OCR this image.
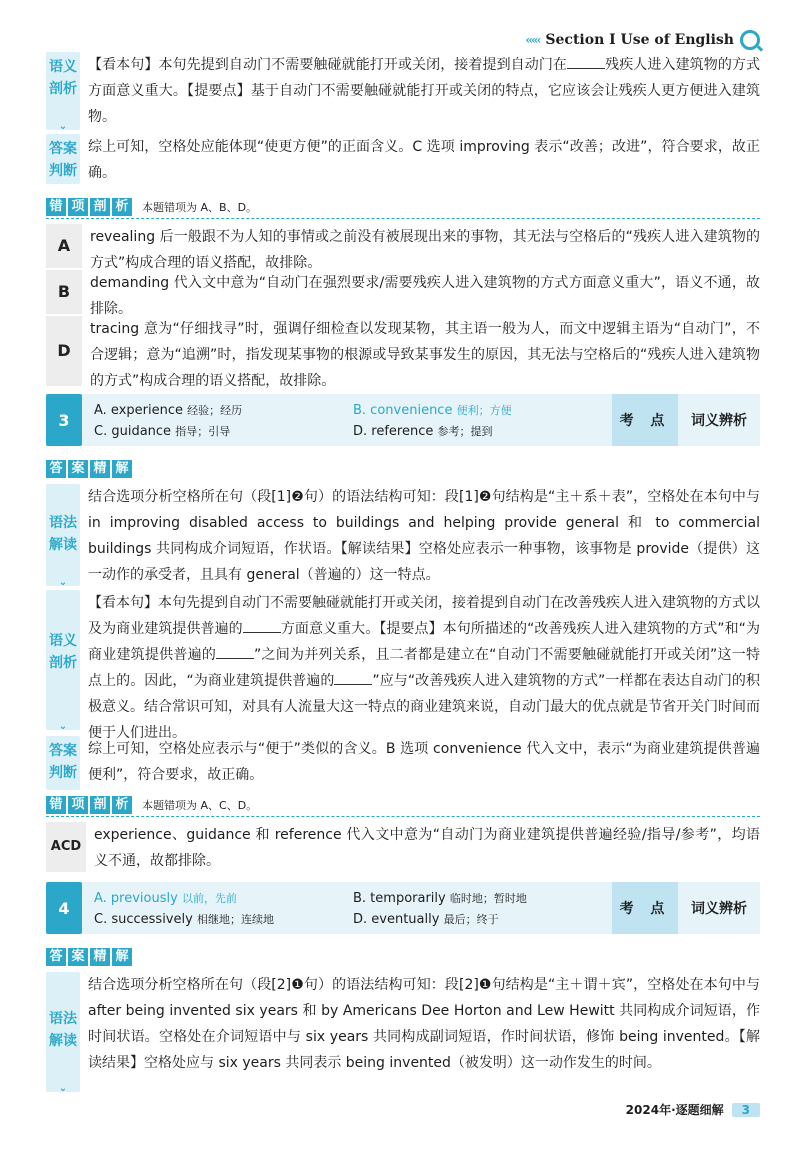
‹‹‹‹‹ Section I Use of English
语义剖析
⌄
【看本句】本句先提到自动门不需要触碰就能打开或关闭，接着提到自动门在	残疾人进入建筑物的方式方面意义重大。【提要点】基于自动门不需要触碰就能打开或关闭的特点，它应该会让残疾人更方便进入建筑物。
答案判断
综上可知，空格处应能体现“使更方便”的正面含义。C 选项 improving 表示“改善；改进”，符合要求，故正确。
错 项 剖 析	本题错项为 A、B、D。
A	revealing 后一般跟不为人知的事情或之前没有被展现出来的事物，其无法与空格后的“残疾人进入建筑物的方式”构成合理的语义搭配，故排除。
B	demanding 代入文中意为“自动门在强烈要求/需要残疾人进入建筑物的方式方面意义重大”，语义不通，故排除。
D
tracing 意为“仔细找寻”时，强调仔细检查以发现某物，其主语一般为人，而文中逻辑主语为“自动门”，不合逻辑；意为“追溯”时，指发现某事物的根源或导致某事发生的原因，其无法与空格后的“残疾人进入建筑物的方式”构成合理的语义搭配，故排除。
3
A. experience 经验；经历	B. convenience 便利；方便
C. guidance 指导；引导	D. reference 参考；提到
考 点	词义辨析
答 案 精 解
语法解读
⌄
结合选项分析空格所在句（段[1]❷句）的语法结构可知：段[1]❷句结构是“主＋系＋表”，空格处在本句中与 in improving disabled access to buildings and helping provide general 和 to commercial buildings 共同构成介词短语，作状语。【解读结果】空格处应表示一种事物，该事物是 provide（提供）这一动作的承受者，且具有 general（普遍的）这一特点。
语义剖析
⌄
【看本句】本句先提到自动门不需要触碰就能打开或关闭，接着提到自动门在改善残疾人进入建筑物的方式以及为商业建筑提供普遍的	方面意义重大。【提要点】本句所描述的“改善残疾人进入建筑物的方式”和“为商业建筑提供普遍的	”之间为并列关系，且二者都是建立在“自动门不需要触碰就能打开或关闭”这一特点上的。因此，“为商业建筑提供普遍的	”应与“改善残疾人进入建筑物的方式”一样都在表达自动门的积极意义。结合常识可知，对具有人流量大这一特点的商业建筑来说，自动门最大的优点就是节省开关门时间而便于人们进出。
答案判断
综上可知，空格处应表示与“便于”类似的含义。B 选项 convenience 代入文中，表示“为商业建筑提供普遍便利”，符合要求，故正确。
错 项 剖 析	本题错项为 A、C、D。
ACD
experience、guidance 和 reference 代入文中意为“自动门为商业建筑提供普遍经验/指导/参考”，均语义不通，故都排除。
4
A. previously 以前，先前	B. temporarily 临时地；暂时地
C. successively 相继地；连续地	D. eventually 最后；终于
考 点	词义辨析
答 案 精 解
语法解读
⌄
结合选项分析空格所在句（段[2]❶句）的语法结构可知：段[2]❶句结构是“主＋谓＋宾”，空格处在本句中与 after being invented six years 和 by Americans Dee Horton and Lew Hewitt 共同构成介词短语，作时间状语。空格处在介词短语中与 six years 共同构成副词短语，作时间状语，修饰 being invented。【解读结果】空格处应与 six years 共同表示 being invented（被发明）这一动作发生的时间。
2024年·逐题细解	3
